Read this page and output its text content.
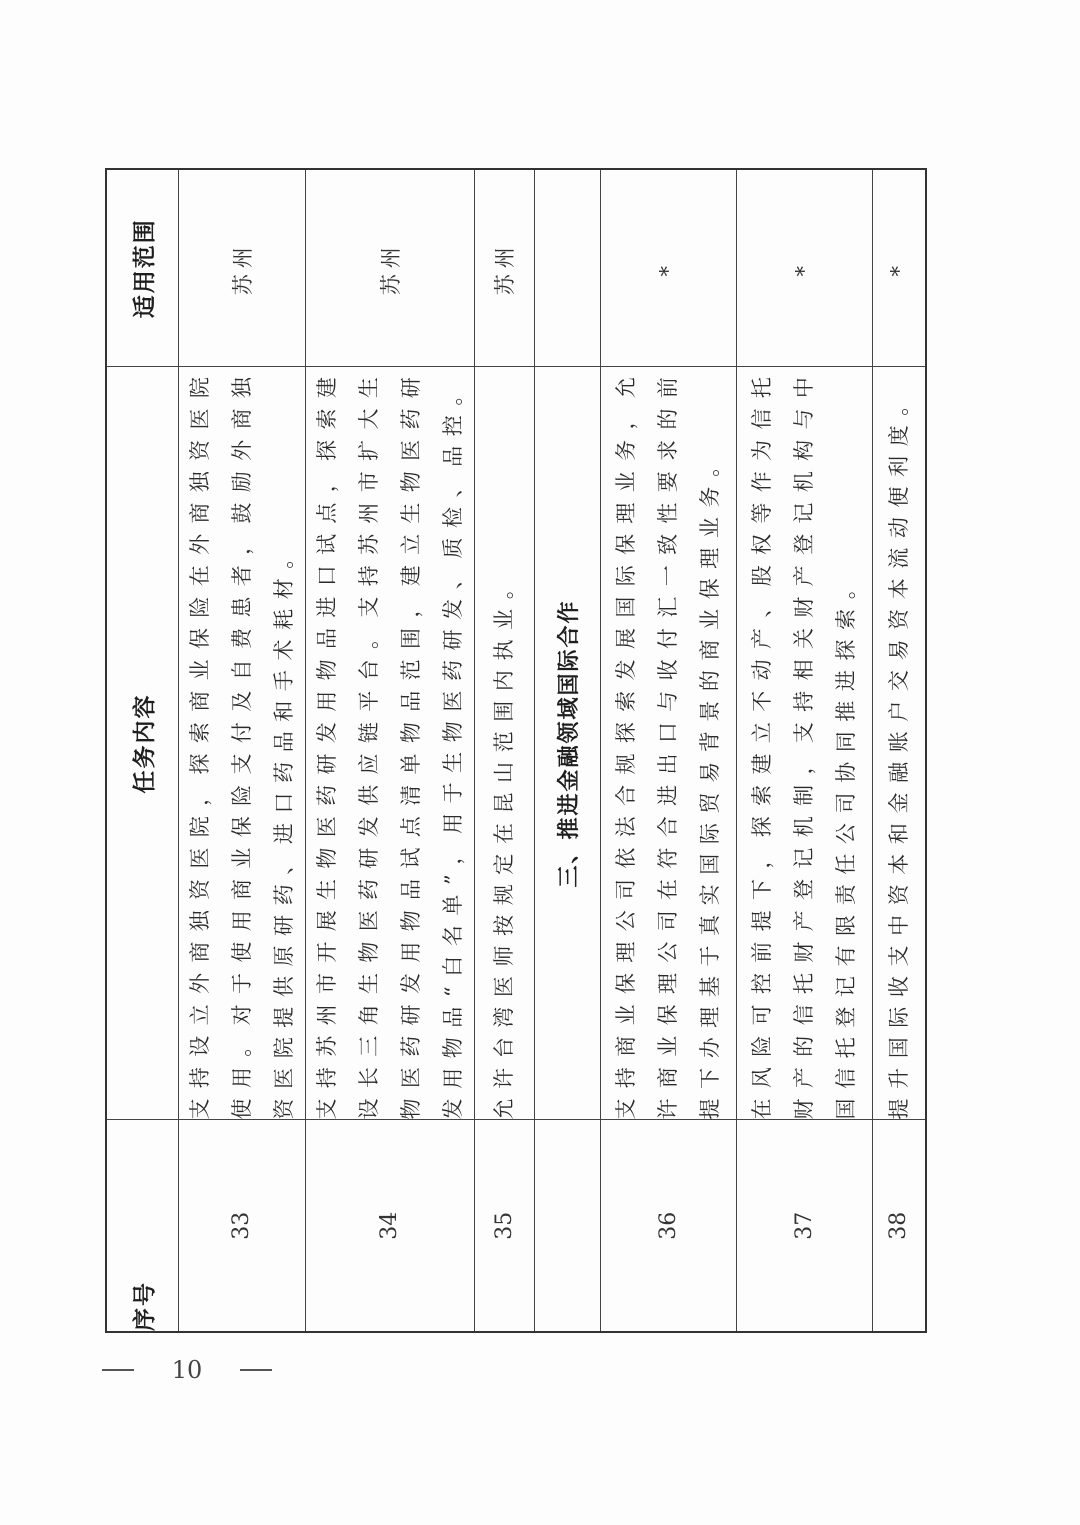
序号	任务内容	适用范围
33	支持设立外商独资医院，探索商业保险在外商独资医院使用。对于使用商业保险支付及自费患者，鼓励外商独资医院提供原研药、进口药品和手术耗材。	苏州
34	支持苏州市开展生物医药研发用物品进口试点，探索建设长三角生物医药研发供应链平台。支持苏州市扩大生物医药研发用物品试点清单物品范围，建立生物医药研发用物品“白名单”，用于生物医药研发、质检、品控。	苏州
35	允许台湾医师按规定在昆山范围内执业。	苏州
	三、推进金融领域国际合作	
36	支持商业保理公司依法合规探索发展国际保理业务，允许商业保理公司在符合进出口与收付汇一致性要求的前提下办理基于真实国际贸易背景的商业保理业务。	*
37	在风险可控前提下，探索建立不动产、股权等作为信托财产的信托财产登记机制，支持相关财产登记机构与中国信托登记有限责任公司协同推进探索。	*
38	提升国际收支中资本和金融账户交易资本流动便利度。	*
10
